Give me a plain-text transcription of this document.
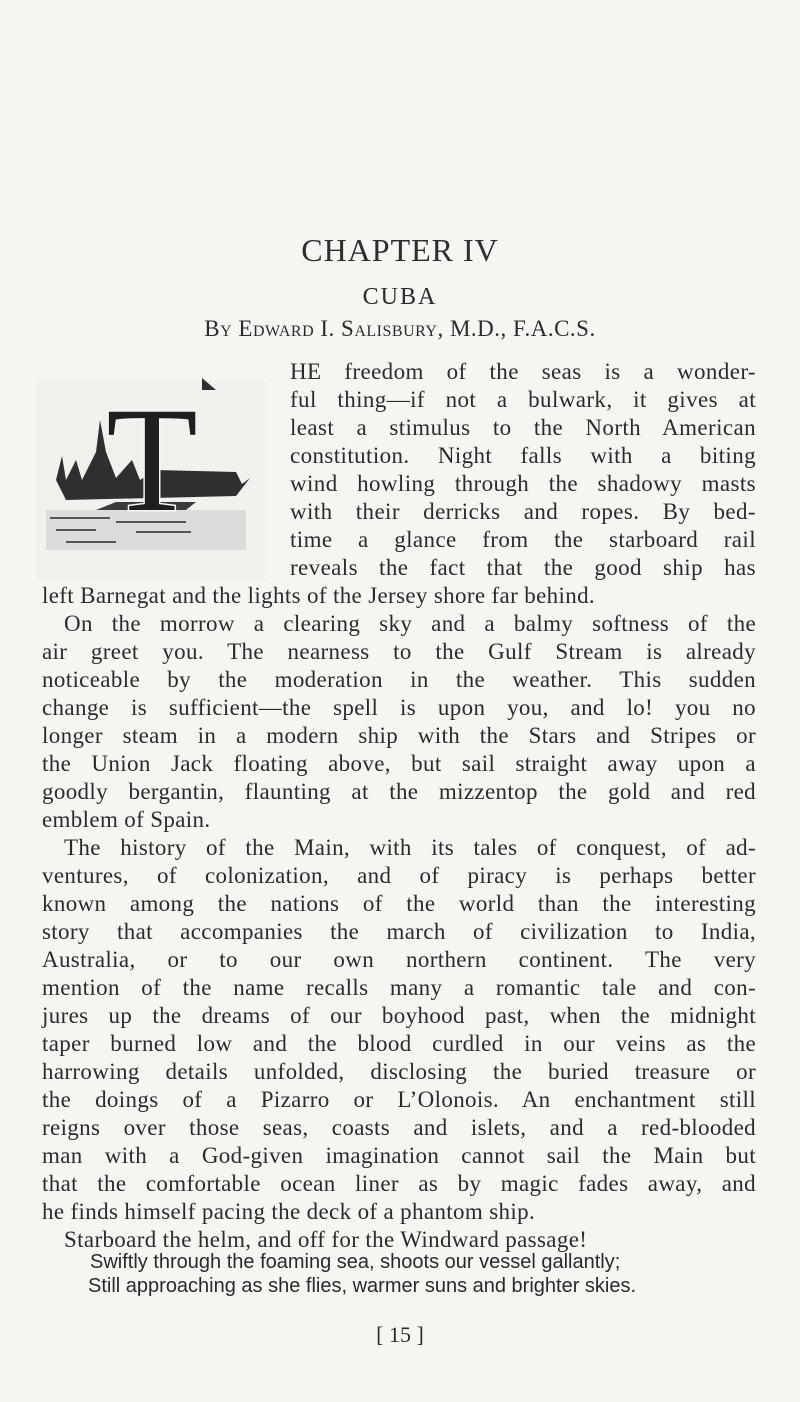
CHAPTER IV
CUBA
By Edward I. Salisbury, M.D., F.A.C.S.
T
HE freedom of the seas is a wonder-
ful thing—if not a bulwark, it gives at
least a stimulus to the North American
constitution. Night falls with a biting
wind howling through the shadowy masts
with their derricks and ropes. By bed-
time a glance from the starboard rail
reveals the fact that the good ship has
left Barnegat and the lights of the Jersey shore far behind.
On the morrow a clearing sky and a balmy softness of the
air greet you. The nearness to the Gulf Stream is already
noticeable by the moderation in the weather. This sudden
change is sufficient—the spell is upon you, and lo! you no
longer steam in a modern ship with the Stars and Stripes or
the Union Jack floating above, but sail straight away upon a
goodly bergantin, flaunting at the mizzentop the gold and red
emblem of Spain.
The history of the Main, with its tales of conquest, of ad-
ventures, of colonization, and of piracy is perhaps better
known among the nations of the world than the interesting
story that accompanies the march of civilization to India,
Australia, or to our own northern continent. The very
mention of the name recalls many a romantic tale and con-
jures up the dreams of our boyhood past, when the midnight
taper burned low and the blood curdled in our veins as the
harrowing details unfolded, disclosing the buried treasure or
the doings of a Pizarro or L’Olonois. An enchantment still
reigns over those seas, coasts and islets, and a red-blooded
man with a God-given imagination cannot sail the Main but
that the comfortable ocean liner as by magic fades away, and
he finds himself pacing the deck of a phantom ship.
Starboard the helm, and off for the Windward passage!
Swiftly through the foaming sea, shoots our vessel gallantly;
Still approaching as she flies, warmer suns and brighter skies.
[ 15 ]
